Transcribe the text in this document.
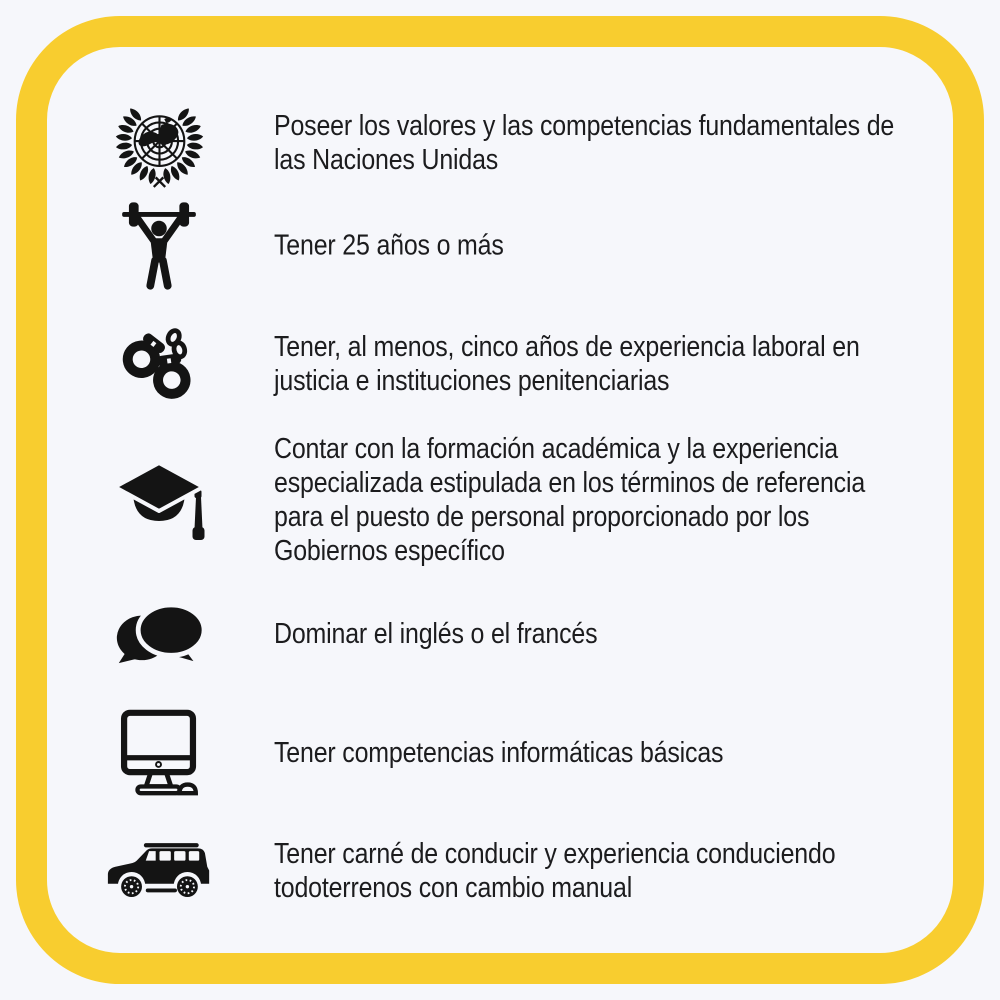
Poseer los valores y las competencias fundamentales de
las Naciones Unidas
Tener 25 años o más
Tener, al menos, cinco años de experiencia laboral en
justicia e instituciones penitenciarias
Contar con la formación académica y la experiencia
especializada estipulada en los términos de referencia
para el puesto de personal proporcionado por los
Gobiernos específico
Dominar el inglés o el francés
Tener competencias informáticas básicas
Tener carné de conducir y experiencia conduciendo
todoterrenos con cambio manual
